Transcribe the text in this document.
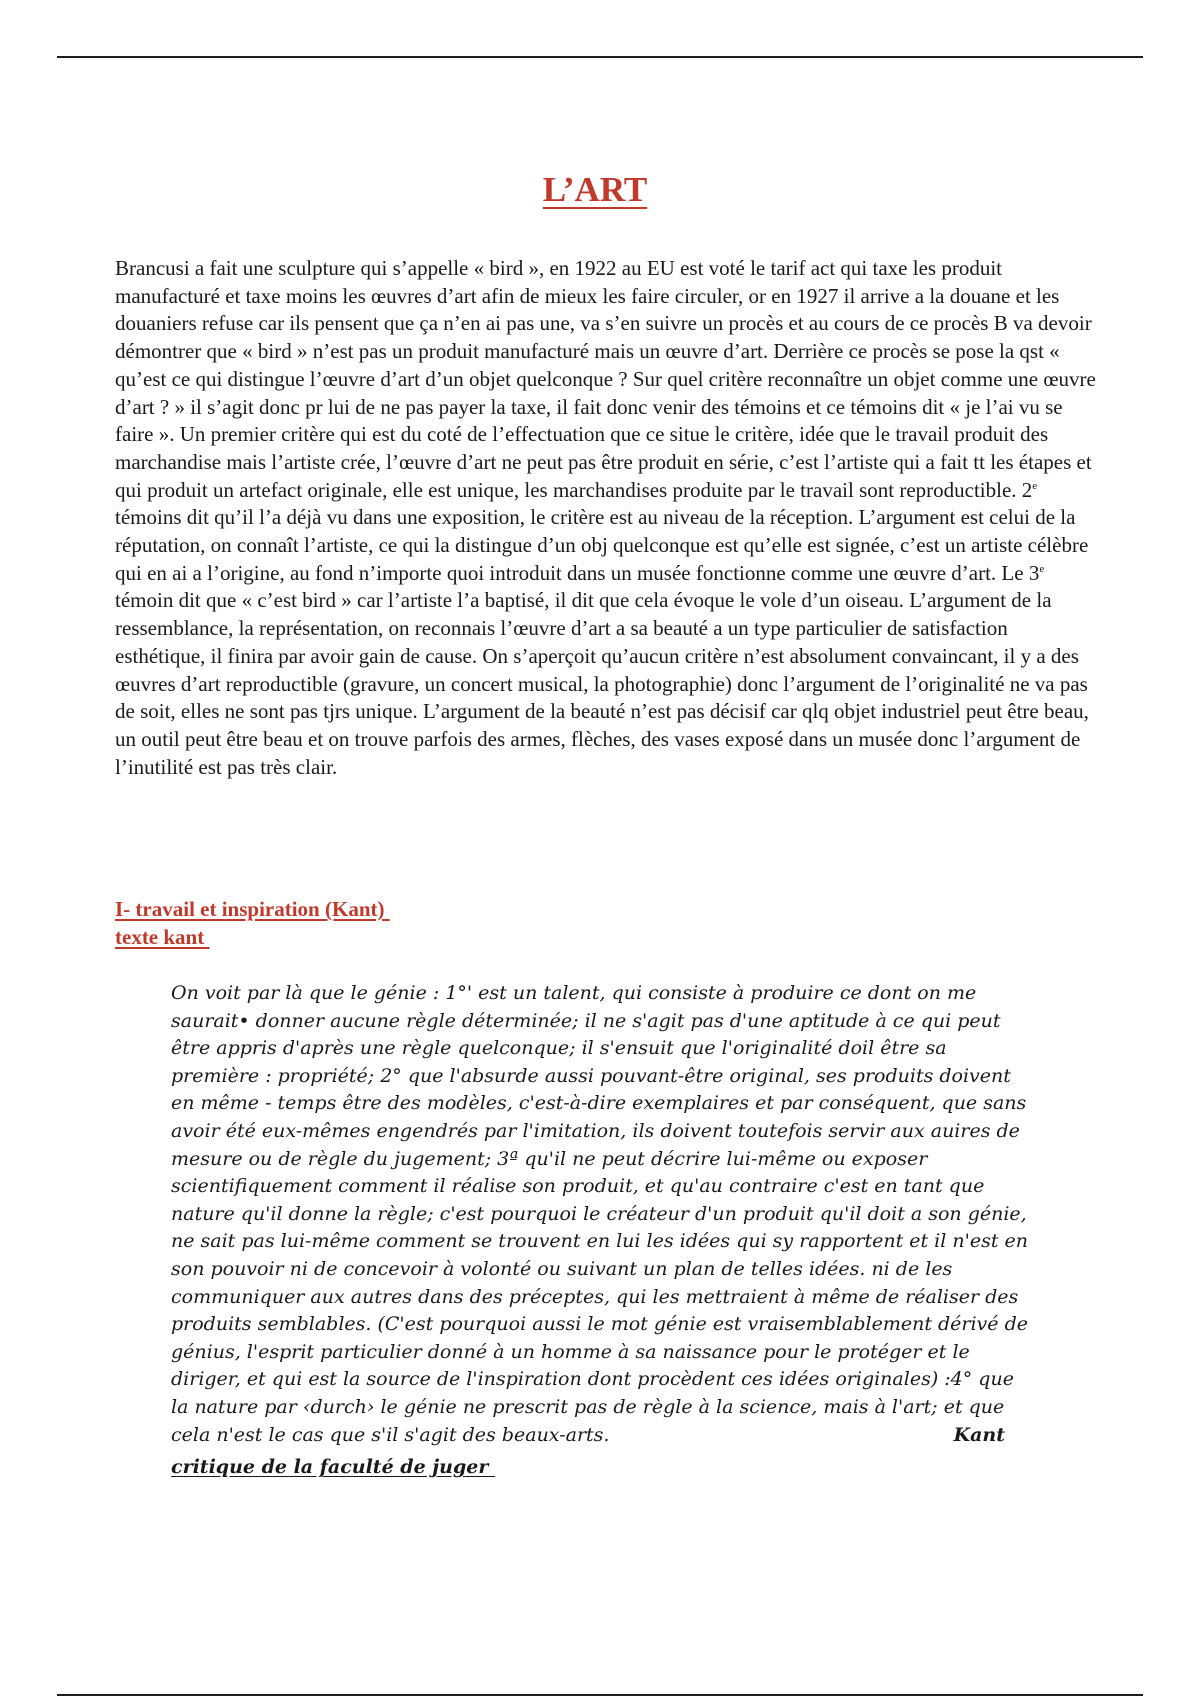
L’ART

Brancusi a fait une sculpture qui s’appelle « bird », en 1922 au EU est voté le tarif act qui taxe les produit manufacturé et taxe moins les œuvres d’art afin de mieux les faire circuler, or en 1927 il arrive a la douane et les douaniers refuse car ils pensent que ça n’en ai pas une, va s’en suivre un procès et au cours de ce procès B va devoir démontrer que « bird » n’est pas un produit manufacturé mais un œuvre d’art. Derrière ce procès se pose la qst « qu’est ce qui distingue l’œuvre d’art d’un objet quelconque ? Sur quel critère reconnaître un objet comme une œuvre d’art ? » il s’agit donc pr lui de ne pas payer la taxe, il fait donc venir des témoins et ce témoins dit « je l’ai vu se faire ». Un premier critère qui est du coté de l’effectuation que ce situe le critère, idée que le travail produit des marchandise mais l’artiste crée, l’œuvre d’art ne peut pas être produit en série, c’est l’artiste qui a fait tt les étapes et qui produit un artefact originale, elle est unique, les marchandises produite par le travail sont reproductible. 2e témoins dit qu’il l’a déjà vu dans une exposition, le critère est au niveau de la réception. L’argument est celui de la réputation, on connaît l’artiste, ce qui la distingue d’un obj quelconque est qu’elle est signée, c’est un artiste célèbre qui en ai a l’origine, au fond n’importe quoi introduit dans un musée fonctionne comme une œuvre d’art. Le 3e témoin dit que « c’est bird » car l’artiste l’a baptisé, il dit que cela évoque le vole d’un oiseau. L’argument de la ressemblance, la représentation, on reconnais l’œuvre d’art a sa beauté a un type particulier de satisfaction esthétique, il finira par avoir gain de cause. On s’aperçoit qu’aucun critère n’est absolument convaincant, il y a des œuvres d’art reproductible (gravure, un concert musical, la photographie) donc l’argument de l’originalité ne va pas de soit, elles ne sont pas tjrs unique. L’argument de la beauté n’est pas décisif car qlq objet industriel peut être beau, un outil peut être beau et on trouve parfois des armes, flèches, des vases exposé dans un musée donc l’argument de l’inutilité est pas très clair.

I- travail et inspiration (Kant)
texte kant

On voit par là que le génie : 1°' est un talent, qui consiste à produire ce dont on me saurait• donner aucune règle déterminée; il ne s'agit pas d'une aptitude à ce qui peut être appris d'après une règle quelconque; il s'ensuit que l'originalité doil être sa première : propriété; 2° que l'absurde aussi pouvant-être original, ses produits doivent en même - temps être des modèles, c'est-à-dire exemplaires et par conséquent, que sans avoir été eux-mêmes engendrés par l'imitation, ils doivent toutefois servir aux auires de mesure ou de règle du jugement; 3ª qu'il ne peut décrire lui-même ou exposer scientifiquement comment il réalise son produit, et qu'au contraire c'est en tant que nature qu'il donne la règle; c'est pourquoi le créateur d'un produit qu'il doit a son génie, ne sait pas lui-même comment se trouvent en lui les idées qui sy rapportent et il n'est en son pouvoir ni de concevoir à volonté ou suivant un plan de telles idées. ni de les communiquer aux autres dans des préceptes, qui les mettraient à même de réaliser des produits semblables. (C'est pourquoi aussi le mot génie est vraisemblablement dérivé de génius, l'esprit particulier donné à un homme à sa naissance pour le protéger et le diriger, et qui est la source de l'inspiration dont procèdent ces idées originales) :4° que la nature par ‹durch› le génie ne prescrit pas de règle à la science, mais à l'art; et que cela n'est le cas que s'il s'agit des beaux-arts.	Kant

critique de la faculté de juger
